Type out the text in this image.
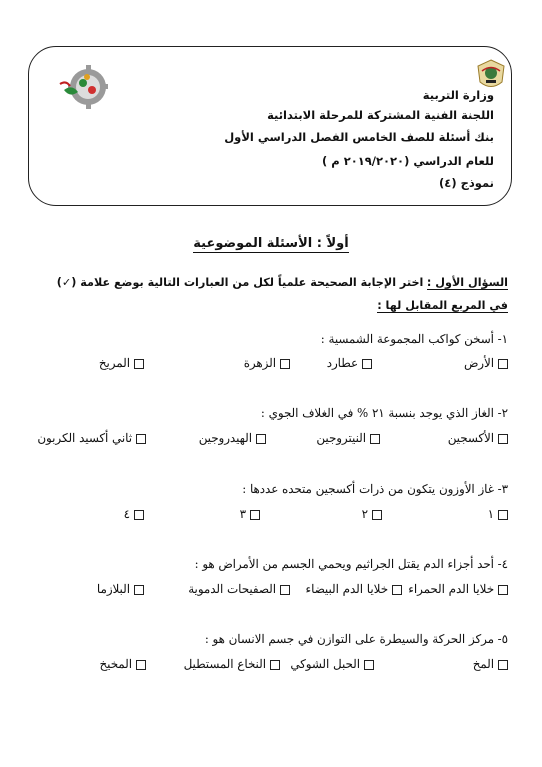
وزارة التربية
اللجنة الفنية المشتركة للمرحلة الابتدائية
بنك أسئلة للصف الخامس الفصل الدراسي الأول
للعام الدراسي (٢٠١٩/٢٠٢٠ م )
نموذج (٤)
أولاً : الأسئلة الموضوعية
السؤال الأول : اختر الإجابة الصحيحة علمياً لكل من العبارات التالية بوضع علامة (✓)
في المربع المقابل لها :
١- أسخن كواكب المجموعة الشمسية :
الأرض
عطارد
الزهرة
المريخ
٢- الغاز الذي يوجد بنسبة ٢١ % في الغلاف الجوي :
الأكسجين
النيتروجين
الهيدروجين
ثاني أكسيد الكربون
٣- غاز الأوزون يتكون من ذرات أكسجين متحده عددها :
١
٢
٣
٤
٤- أحد أجزاء الدم يقتل الجراثيم ويحمي الجسم من الأمراض هو :
خلايا الدم الحمراء
خلايا الدم البيضاء
الصفيحات الدموية
البلازما
٥- مركز الحركة والسيطرة على التوازن في جسم الانسان هو :
المخ
الحبل الشوكي
النخاع المستطيل
المخيخ
